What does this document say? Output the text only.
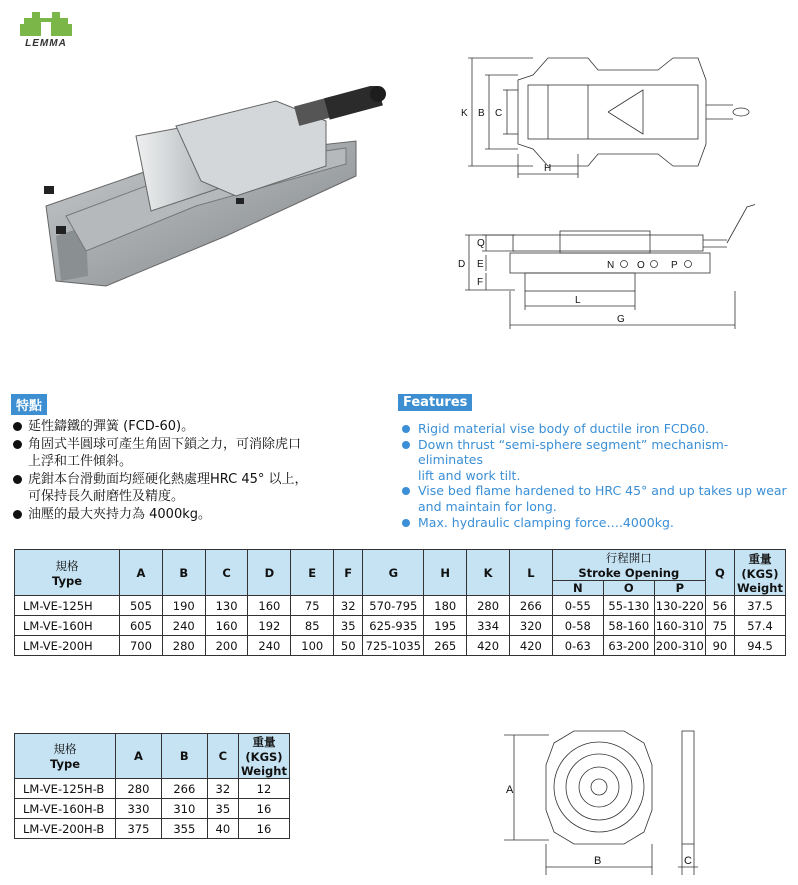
LEMMA
K B C
H
Q
D E
F
N O	P
L
G
特點
延性鑄鐵的彈簧 (FCD-60)。
角固式半圓球可產生角固下鎖之力，可消除虎口
上浮和工件傾斜。
虎鉗本台滑動面均經硬化熱處理HRC 45° 以上，
可保持長久耐磨性及精度。
油壓的最大夾持力為 4000kg。
Features
Rigid material vise body of ductile iron FCD60.
Down thrust “semi-sphere segment” mechanism-eliminates
lift and work tilt.
Vise bed flame hardened to HRC 45° and up takes up wear
and maintain for long.
Max. hydraulic clamping force….4000kg.
規格
Type	A	B	C	D	E	F	G	H	K	L	行程開口
Stroke Opening			Q	重量
(KGS)
Weight

											N	O	P		
LM-VE-125H	505	190	130	160	75	32	570-795	180	280	266	0-55	55-130	130-220	56	37.5
LM-VE-160H	605	240	160	192	85	35	625-935	195	334	320	0-58	58-160	160-310	75	57.4
LM-VE-200H	700	280	200	240	100	50	725-1035	265	420	420	0-63	63-200	200-310	90	94.5
規格
Type	A	B	C	重量
(KGS)
Weight

LM-VE-125H-B	280	266	32	12
LM-VE-160H-B	330	310	35	16
LM-VE-200H-B	375	355	40	16
A
B	C
